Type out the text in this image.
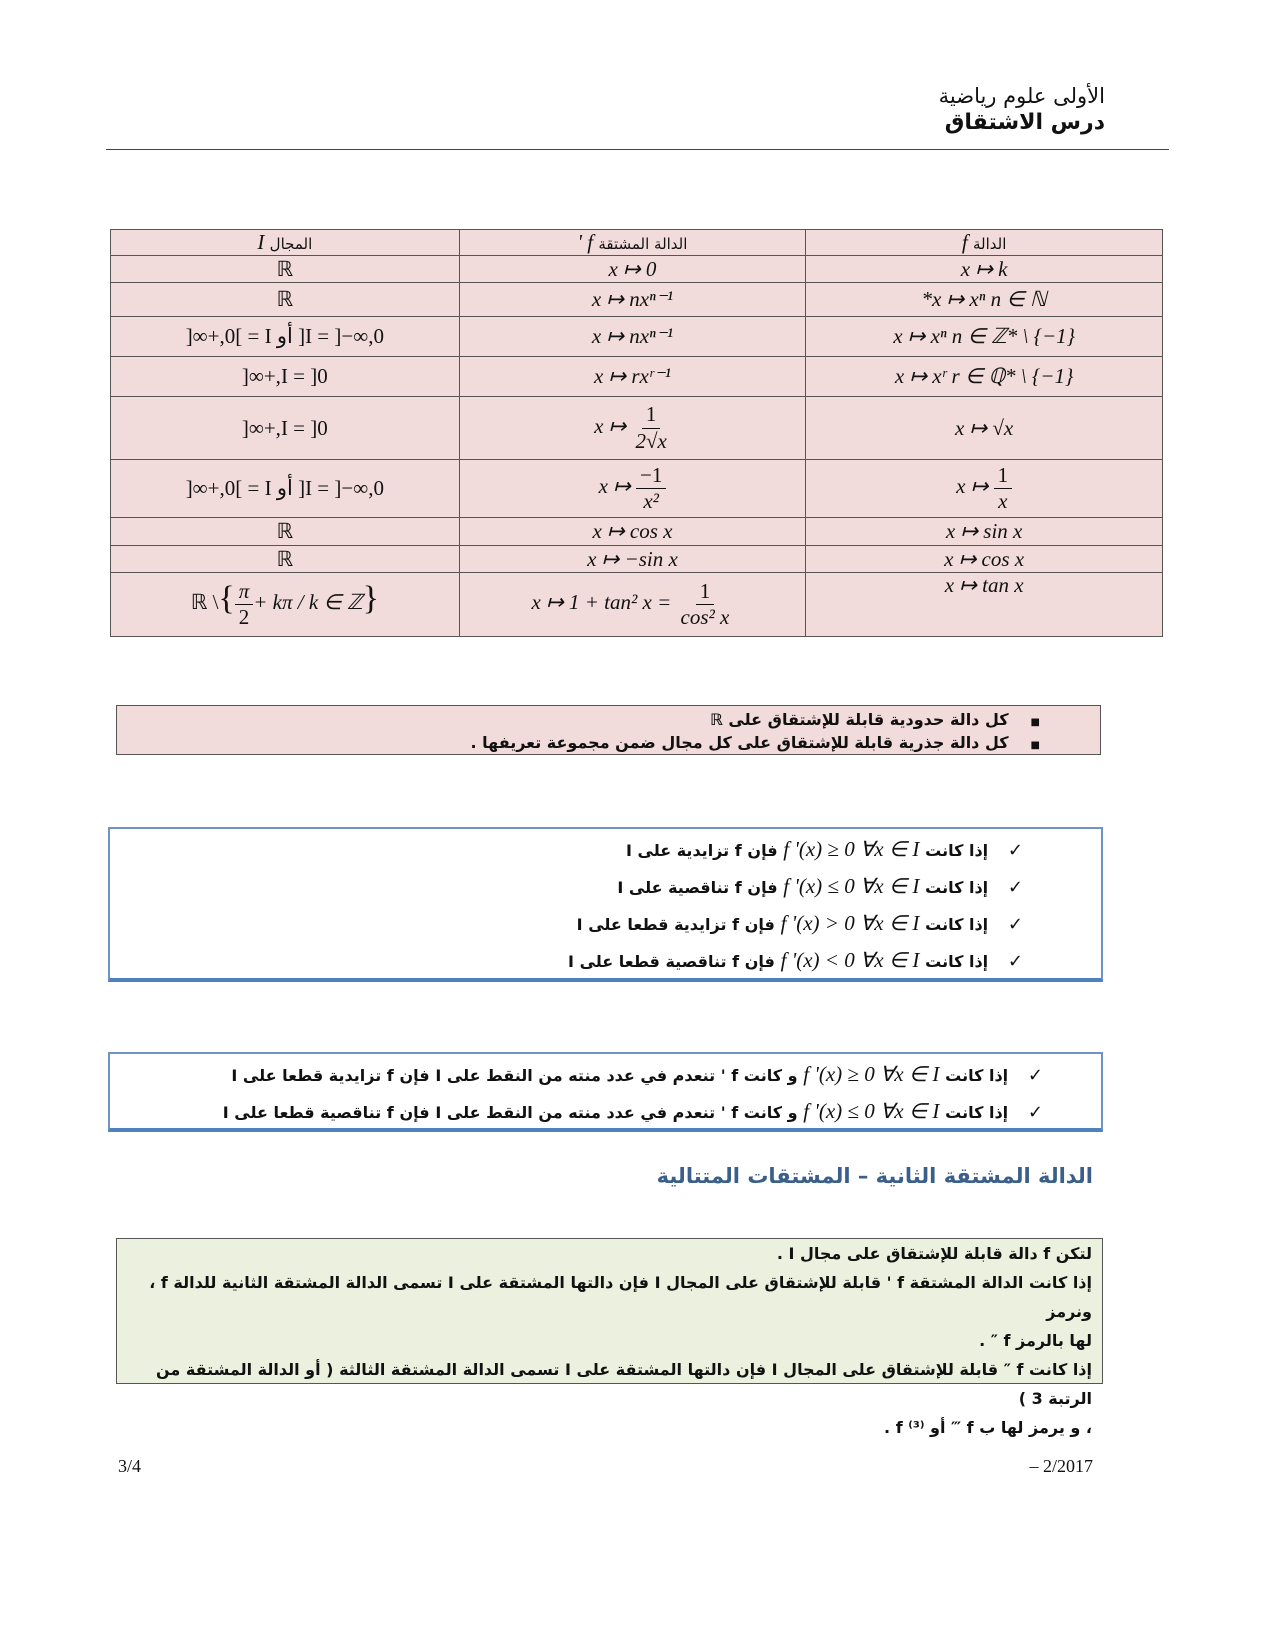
الأولى علوم رياضية
درس الاشتقاق
الدالة f	الدالة المشتقة f '	المجال I
x ↦ k	x ↦ 0	ℝ
x ↦ xⁿ n ∈ ℕ*	x ↦ nxⁿ⁻¹	ℝ
x ↦ xⁿ n ∈ ℤ* \ {−1}	x ↦ nxⁿ⁻¹	I = ]−∞,0[ أو I = ]0,+∞[
x ↦ xʳ r ∈ ℚ* \ {−1}	x ↦ rxʳ⁻¹	I = ]0,+∞[
x ↦ √x	x ↦ $\frac{1}{2√x}$	I = ]0,+∞[
x ↦ $\frac{1}{x}$	x ↦ $\frac{-1}{\text{x²}}$	I = ]−∞,0[ أو I = ]0,+∞[
x ↦ sin x	x ↦ cos x	ℝ
x ↦ cos x	x ↦ −sin x	ℝ
x ↦ tan x	x ↦ 1 + tan² $x = \frac{1}{\text{cos² x}}$	ℝ \{ $\frac{\pi}{2} + k\pi / k$ ∈ ℤ}
■كل دالة حدودية قابلة للإشتقاق على ℝ
■كل دالة جذرية قابلة للإشتقاق على كل مجال ضمن مجموعة تعريفها .
✓ إذا كانت f '(x) ≥ 0 ∀x ∈ I فإن f تزايدية على I
✓ إذا كانت f '(x) ≤ 0 ∀x ∈ I فإن f تناقصية على I
✓ إذا كانت f '(x) > 0 ∀x ∈ I فإن f تزايدية قطعا على I
✓ إذا كانت f '(x) < 0 ∀x ∈ I فإن f تناقصية قطعا على I
✓ إذا كانت f '(x) ≥ 0 ∀x ∈ I و كانت f ' تنعدم في عدد منته من النقط على I فإن f تزايدية قطعا على I
✓ إذا كانت f '(x) ≤ 0 ∀x ∈ I و كانت f ' تنعدم في عدد منته من النقط على I فإن f تناقصية قطعا على I
الدالة المشتقة الثانية – المشتقات المتتالية
لتكن f دالة قابلة للإشتقاق على مجال I .
إذا كانت الدالة المشتقة f ' قابلة للإشتقاق على المجال I فإن دالتها المشتقة على I تسمى الدالة المشتقة الثانية للدالة f ، ونرمز
لها بالرمز f ″ .
إذا كانت f ″ قابلة للإشتقاق على المجال I فإن دالتها المشتقة على I تسمى الدالة المشتقة الثالثة ( أو الدالة المشتقة من الرتبة 3 )
، و يرمز لها ب f ‴ أو f ⁽³⁾ .
3/4	– 2/2017
